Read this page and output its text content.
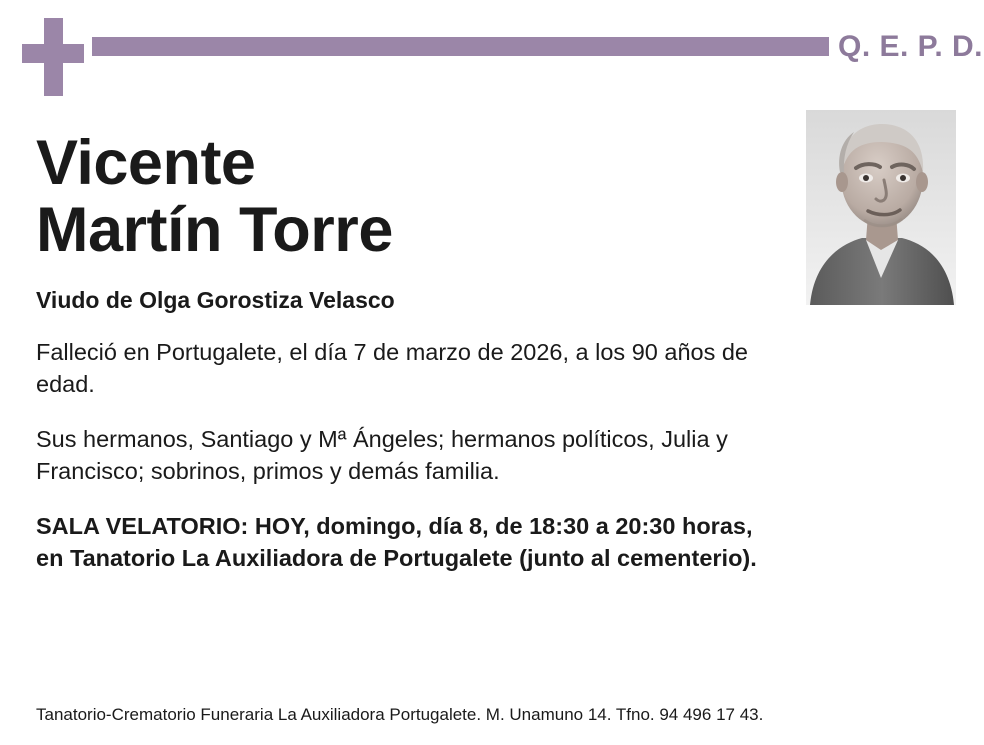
Q. E. P. D.
Vicente
Martín Torre
Viudo de Olga Gorostiza Velasco

Falleció en Portugalete, el día 7 de marzo de 2026, a los 90 años de edad.

Sus hermanos, Santiago y Mª Ángeles; hermanos políticos, Julia y Francisco; sobrinos, primos y demás familia.

SALA VELATORIO: HOY, domingo, día 8, de 18:30 a 20:30 horas, en Tanatorio La Auxiliadora de Portugalete (junto al cementerio).

Tanatorio-Crematorio Funeraria La Auxiliadora Portugalete. M. Unamuno 14. Tfno. 94 496 17 43.
